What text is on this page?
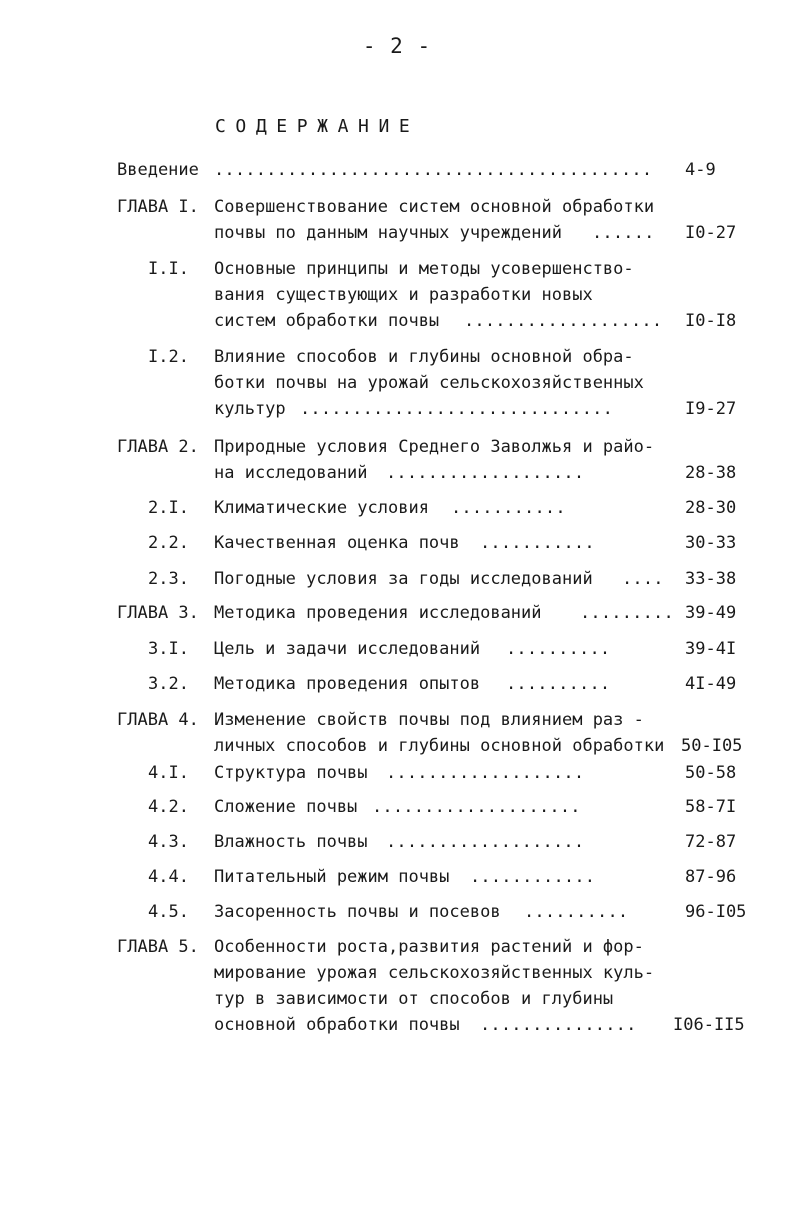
- 2 -
СОДЕРЖАНИЕ
Введение .......................................... 4-9
ГЛАВА I. Совершенствование систем основной обработки
почвы по данным научных учреждений ...... I0-27
I.I. Основные принципы и методы усовершенство-
вания существующих и разработки новых
систем обработки почвы ................... I0-I8
I.2. Влияние способов и глубины основной обра-
ботки почвы на урожай сельскохозяйственных
культур ..............................	I9-27
ГЛАВА 2. Природные условия Среднего Заволжья и райо-
на исследований ...................	28-38
2.I. Климатические условия ...........	28-30
2.2. Качественная оценка почв ...........	30-33
2.3. Погодные условия за годы исследований .... 33-38
ГЛАВА 3. Методика проведения исследований ......... 39-49
3.I. Цель и задачи исследований ..........	39-4I
3.2. Методика проведения опытов ..........	4I-49
ГЛАВА 4. Изменение свойств почвы под влиянием раз -
личных способов и глубины основной обработки 50-I05
4.I. Структура почвы ...................	50-58
4.2. Сложение почвы ....................	58-7I
4.3. Влажность почвы ...................	72-87
4.4. Питательный режим почвы ............	87-96
4.5. Засоренность почвы и посевов ..........	96-I05
ГЛАВА 5. Особенности роста,развития растений и фор-
мирование урожая сельскохозяйственных куль-
тур в зависимости от способов и глубины
основной обработки почвы ............... I06-II5
